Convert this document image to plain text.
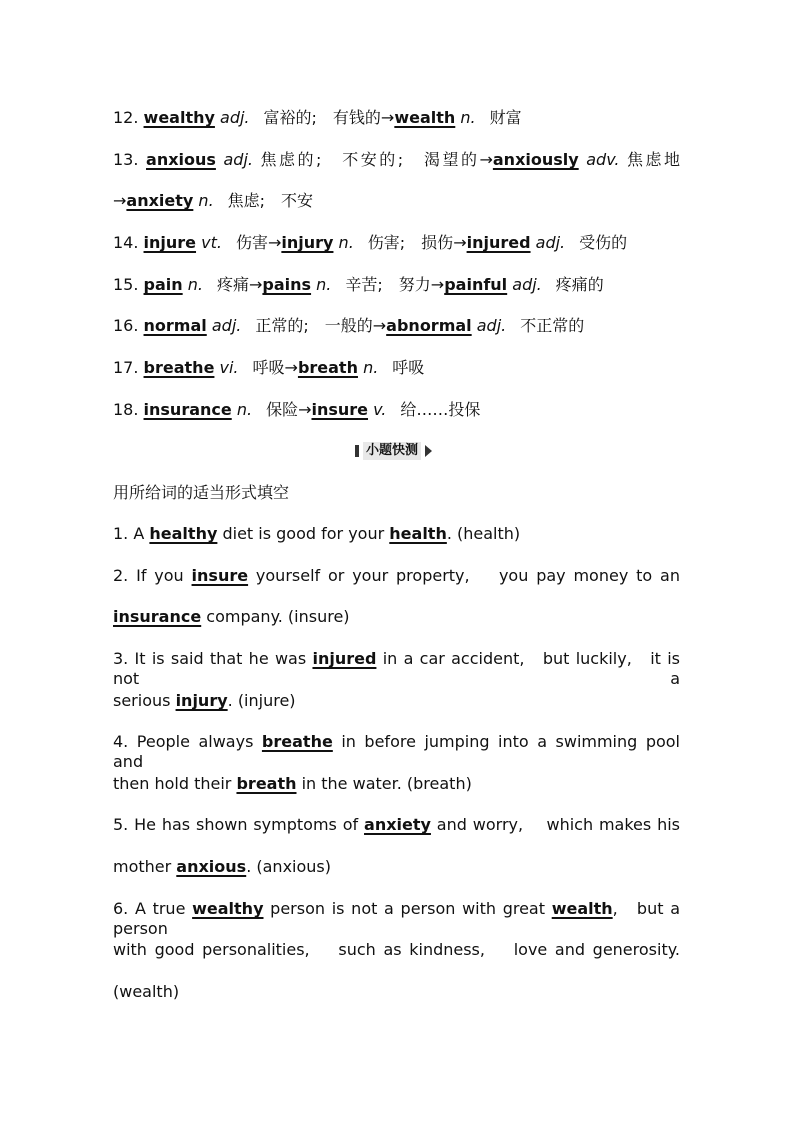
12. wealthy adj. 富裕的;　有钱的→wealth n. 财富
13. anxious adj. 焦虑的;　不安的;　渴望的→anxiously adv. 焦虑地
→anxiety n. 焦虑;　不安
14. injure vt. 伤害→injury n. 伤害;　损伤→injured adj. 受伤的
15. pain n. 疼痛→pains n. 辛苦;　努力→painful adj. 疼痛的
16. normal adj. 正常的;　一般的→abnormal adj. 不正常的
17. breathe vi. 呼吸→breath n. 呼吸
18. insurance n. 保险→insure v. 给……投保
小题快测
用所给词的适当形式填空
1. A healthy diet is good for your health. (health)
2. If you insure yourself or your property,　 you pay money to an
insurance company. (insure)
3. It is said that he was injured in a car accident,　but luckily,　it is not a
serious injury. (injure)
4. People always breathe in before jumping into a swimming pool and
then hold their breath in the water. (breath)
5. He has shown symptoms of anxiety and worry,　 which makes his
mother anxious. (anxious)
6. A true wealthy person is not a person with great wealth,　but a person
with good personalities,　 such as kindness,　 love and generosity.
(wealth)
